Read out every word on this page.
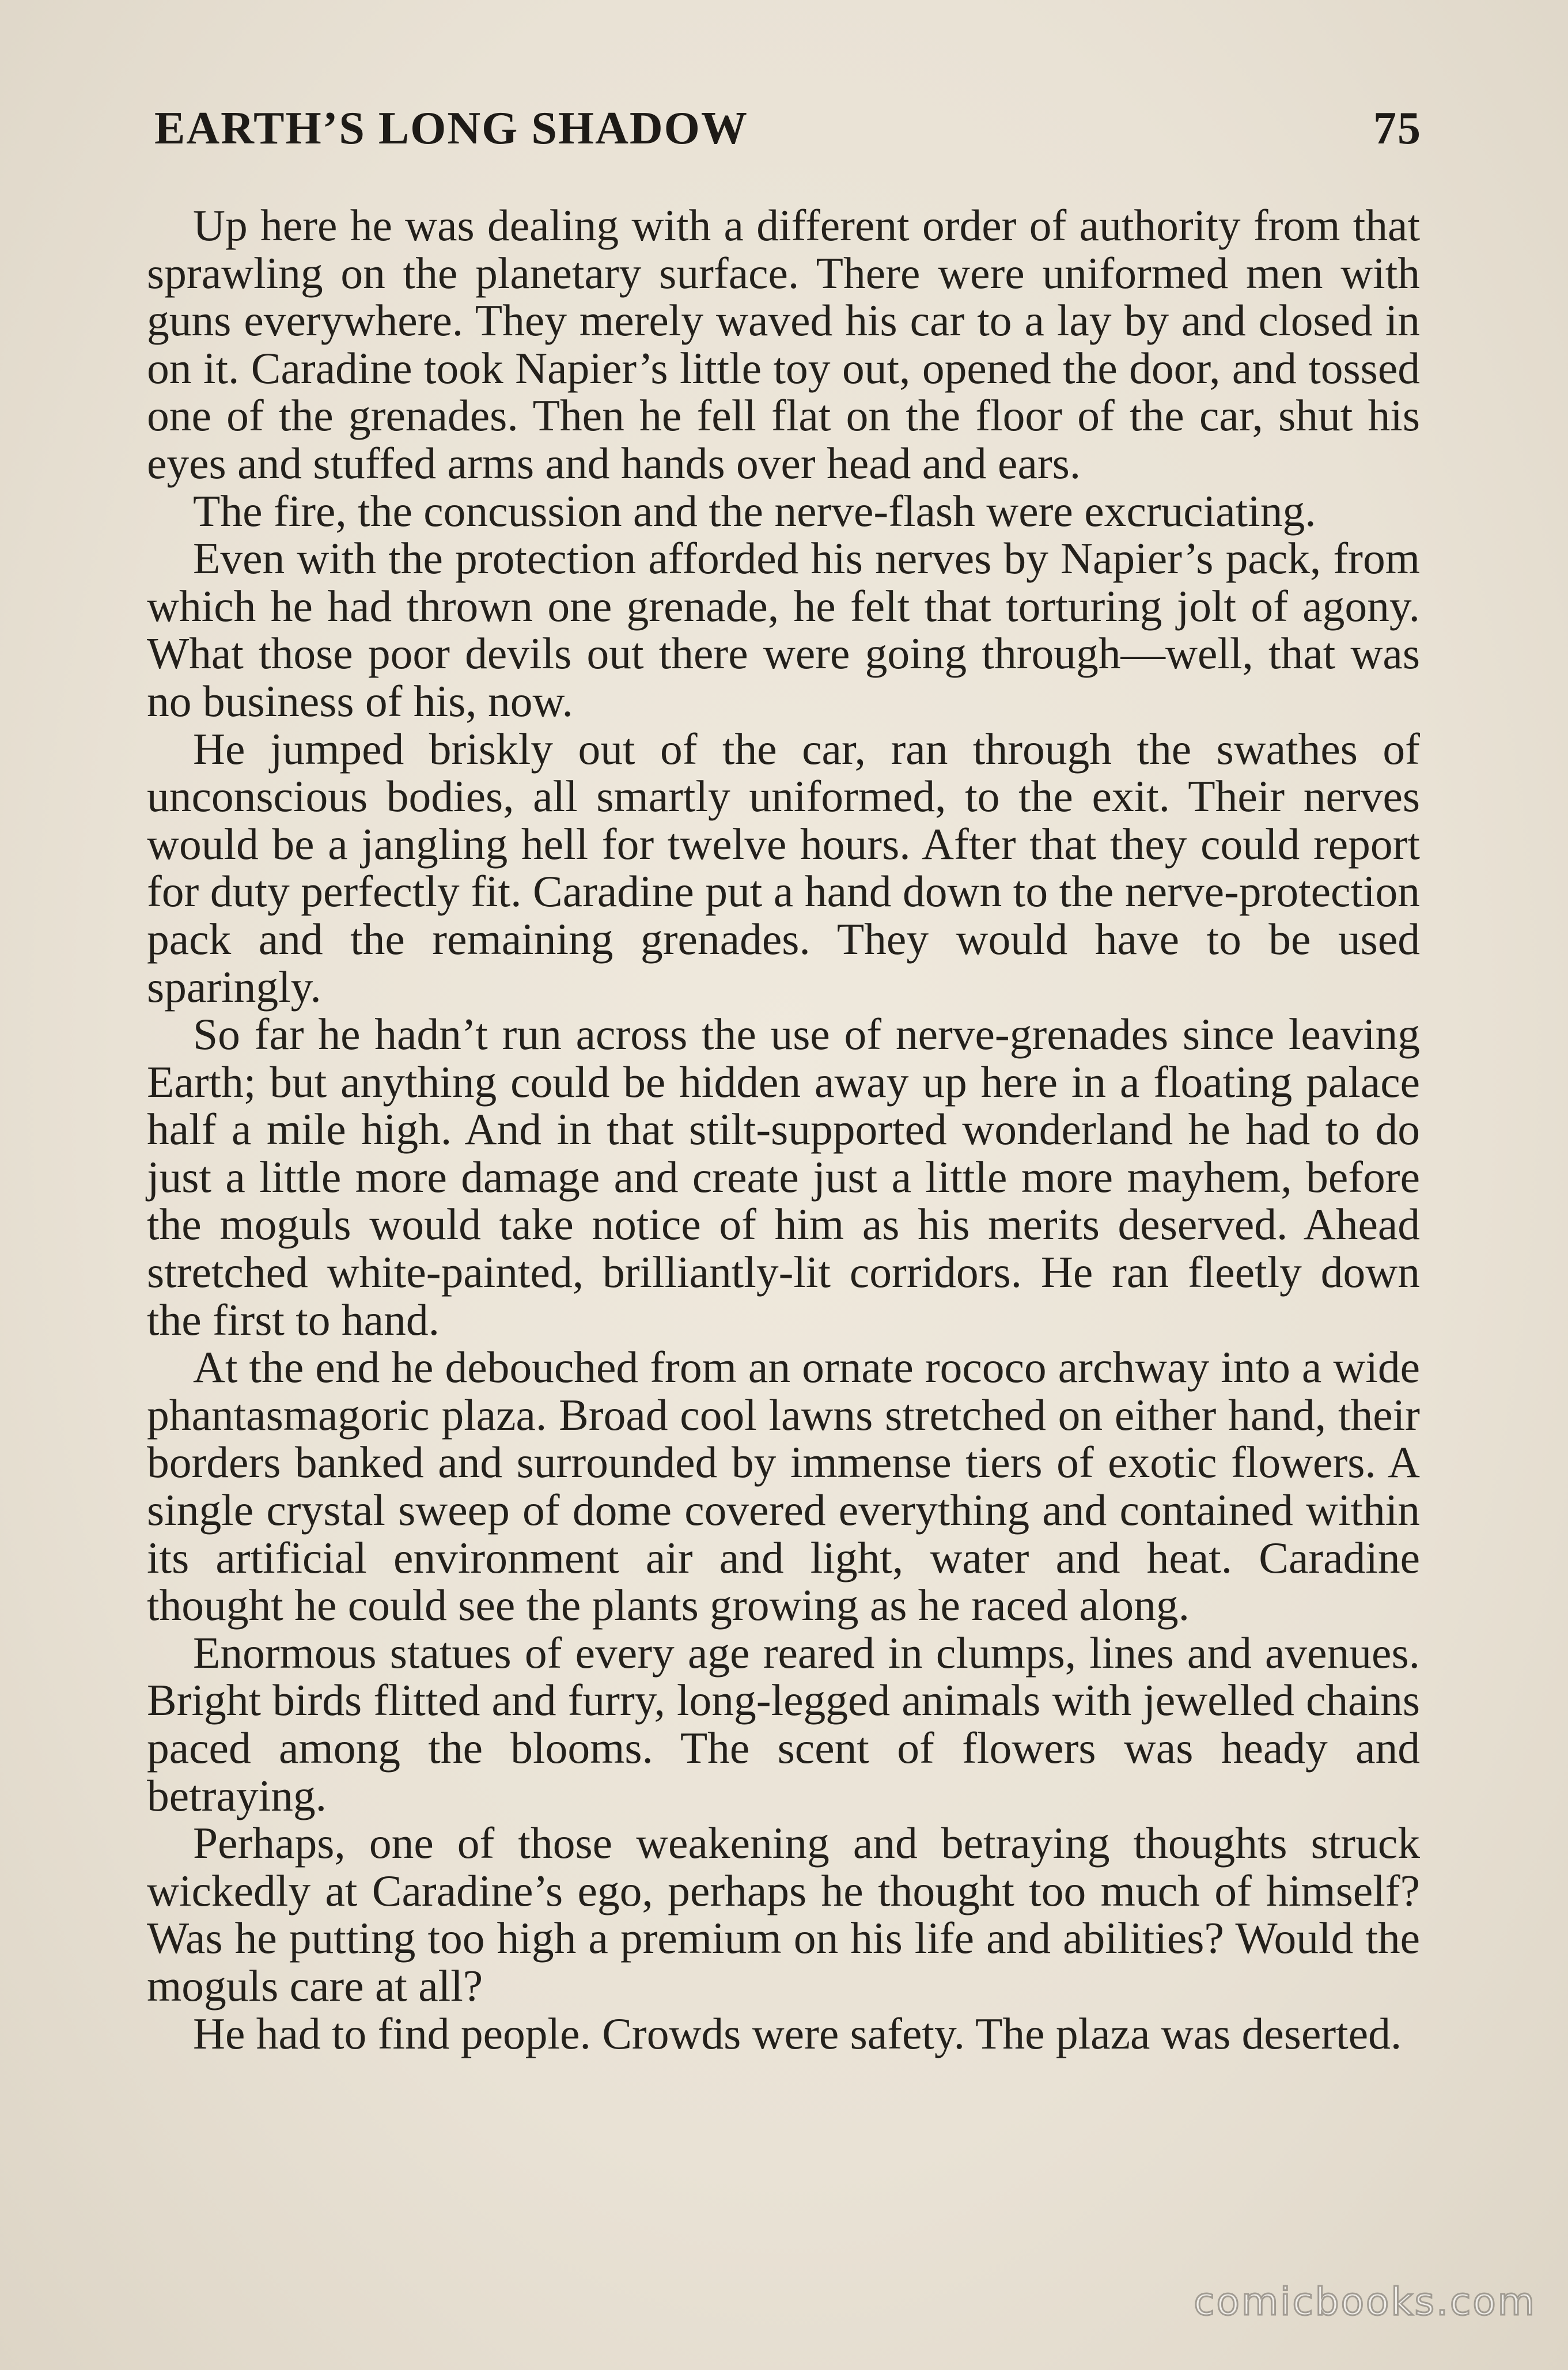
EARTH’S LONG SHADOW	75

Up here he was dealing with a different order of authority from that sprawling on the planetary surface. There were uniformed men with guns everywhere. They merely waved his car to a lay by and closed in on it. Caradine took Napier’s little toy out, opened the door, and tossed one of the grenades. Then he fell flat on the floor of the car, shut his eyes and stuffed arms and hands over head and ears.

The fire, the concussion and the nerve-flash were excruciating.

Even with the protection afforded his nerves by Napier’s pack, from which he had thrown one grenade, he felt that torturing jolt of agony. What those poor devils out there were going through—well, that was no business of his, now.

He jumped briskly out of the car, ran through the swathes of unconscious bodies, all smartly uniformed, to the exit. Their nerves would be a jangling hell for twelve hours. After that they could report for duty perfectly fit. Caradine put a hand down to the nerve-protection pack and the remaining grenades. They would have to be used sparingly.

So far he hadn’t run across the use of nerve-grenades since leaving Earth; but anything could be hidden away up here in a floating palace half a mile high. And in that stilt-supported wonderland he had to do just a little more damage and create just a little more mayhem, before the moguls would take notice of him as his merits deserved. Ahead stretched white-painted, brilliantly-lit corridors. He ran fleetly down the first to hand.

At the end he debouched from an ornate rococo archway into a wide phantasmagoric plaza. Broad cool lawns stretched on either hand, their borders banked and surrounded by immense tiers of exotic flowers. A single crystal sweep of dome covered everything and contained within its artificial environment air and light, water and heat. Caradine thought he could see the plants growing as he raced along.

Enormous statues of every age reared in clumps, lines and avenues. Bright birds flitted and furry, long-legged animals with jewelled chains paced among the blooms. The scent of flowers was heady and betraying.

Perhaps, one of those weakening and betraying thoughts struck wickedly at Caradine’s ego, perhaps he thought too much of himself? Was he putting too high a premium on his life and abilities? Would the moguls care at all?

He had to find people. Crowds were safety. The plaza was deserted.

comicbooks.com
